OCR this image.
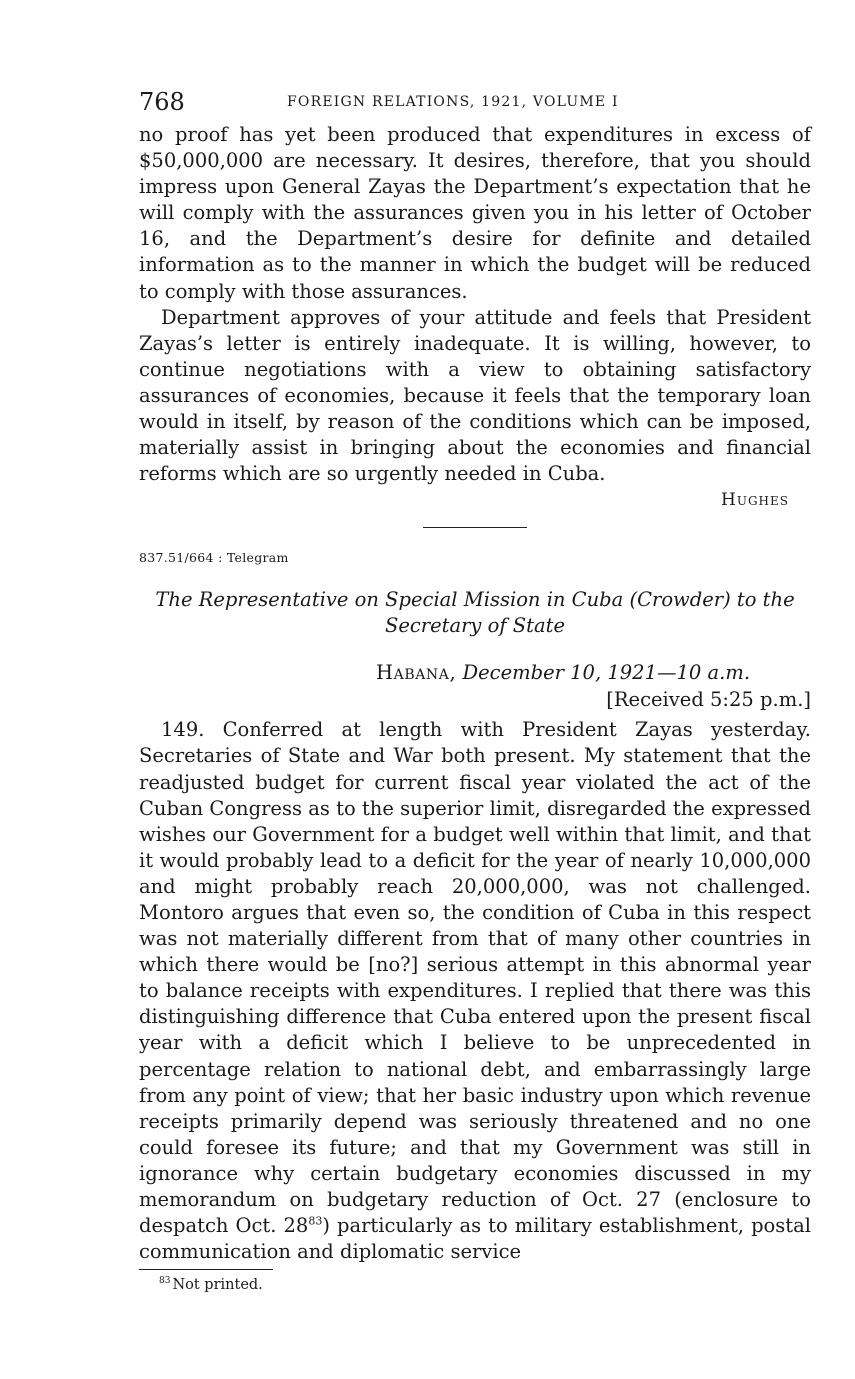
768	FOREIGN RELATIONS, 1921, VOLUME I

no proof has yet been produced that expenditures in excess of $50,000,000 are necessary. It desires, therefore, that you should impress upon General Zayas the Department’s expectation that he will comply with the assurances given you in his letter of October 16, and the Department’s desire for definite and detailed information as to the manner in which the budget will be reduced to comply with those assurances.

Department approves of your attitude and feels that President Zayas’s letter is entirely inadequate. It is willing, however, to continue negotiations with a view to obtaining satisfactory assurances of economies, because it feels that the temporary loan would in itself, by reason of the conditions which can be imposed, materially assist in bringing about the economies and financial reforms which are so urgently needed in Cuba.

Hughes

837.51/664 : Telegram

The Representative on Special Mission in Cuba (Crowder) to the Secretary of State

Habana, December 10, 1921—10 a.m.

[Received 5:25 p.m.]

149. Conferred at length with President Zayas yesterday. Secretaries of State and War both present. My statement that the readjusted budget for current fiscal year violated the act of the Cuban Congress as to the superior limit, disregarded the expressed wishes our Government for a budget well within that limit, and that it would probably lead to a deficit for the year of nearly 10,000,000 and might probably reach 20,000,000, was not challenged. Montoro argues that even so, the condition of Cuba in this respect was not materially different from that of many other countries in which there would be [no?] serious attempt in this abnormal year to balance receipts with expenditures. I replied that there was this distinguishing difference that Cuba entered upon the present fiscal year with a deficit which I believe to be unprecedented in percentage relation to national debt, and embarrassingly large from any point of view; that her basic industry upon which revenue receipts primarily depend was seriously threatened and no one could foresee its future; and that my Government was still in ignorance why certain budgetary economies discussed in my memorandum on budgetary reduction of Oct. 27 (enclosure to despatch Oct. 28$^{83}$) particularly as to military establishment, postal communication and diplomatic service

$^{83}$ Not printed.
